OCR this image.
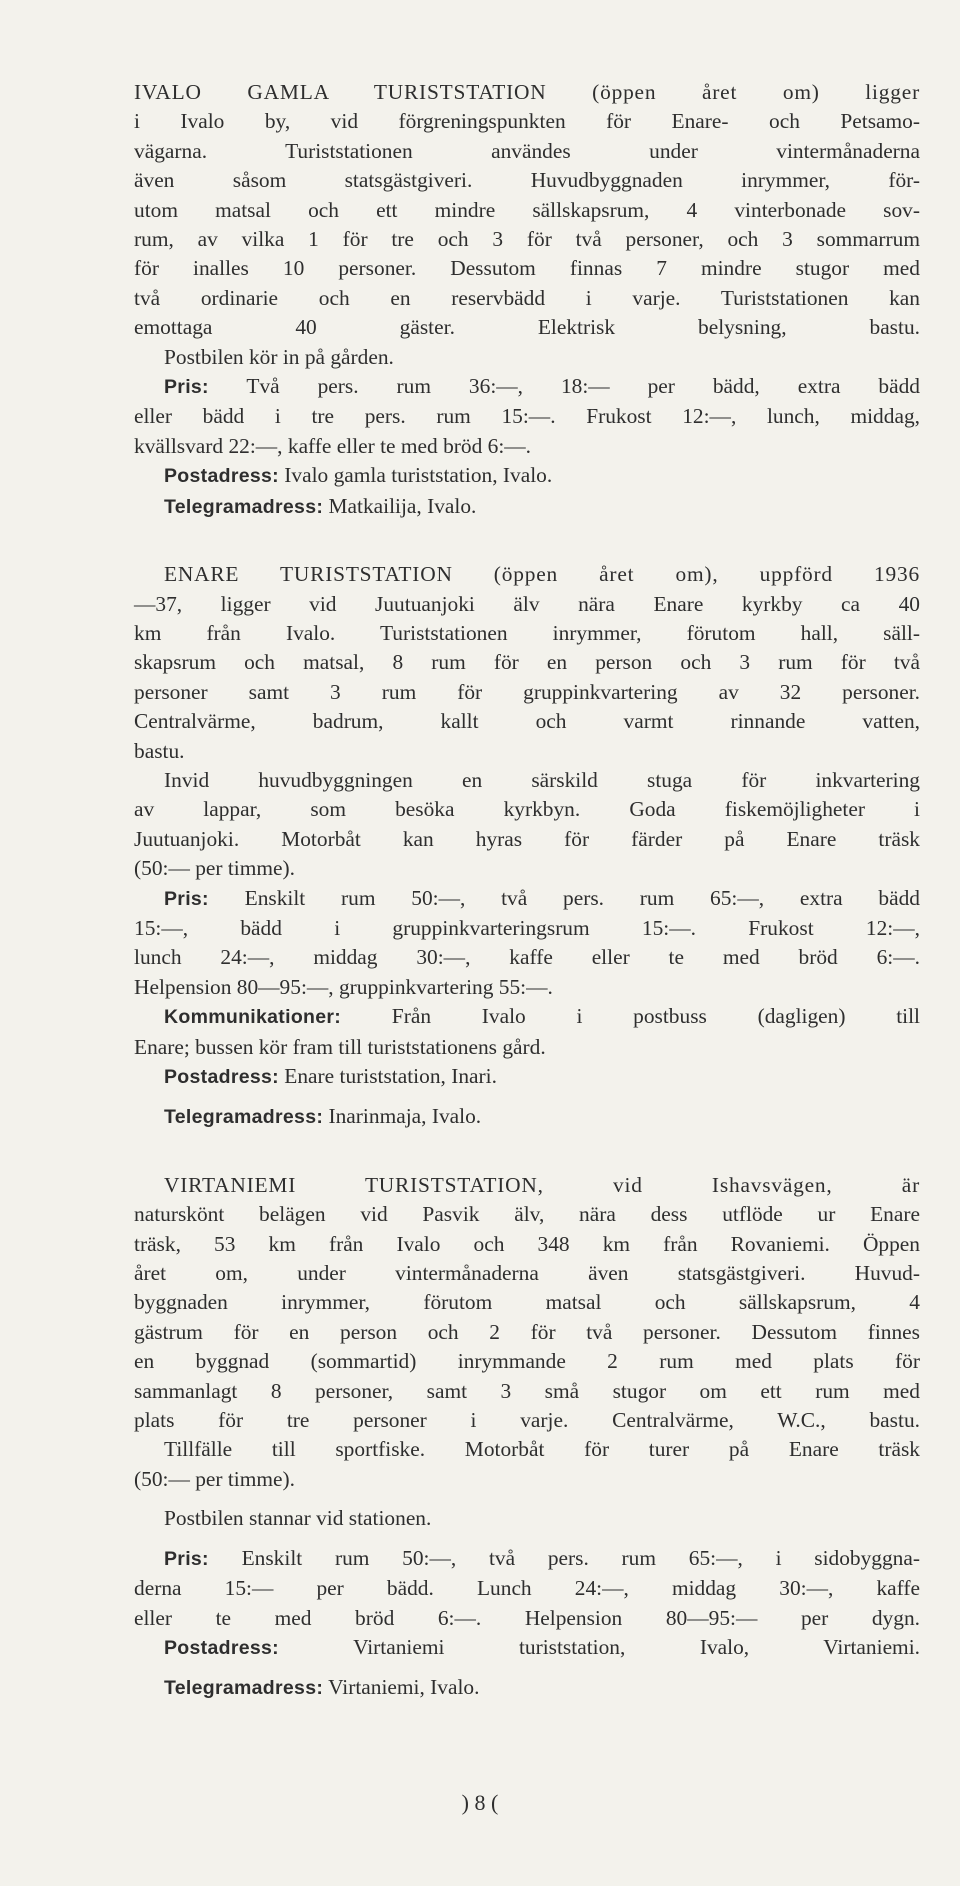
IVALO GAMLA TURISTSTATION (öppen året om) ligger

i Ivalo by, vid förgreningspunkten för Enare- och Petsamo-

vägarna. Turiststationen användes under vintermånaderna

även såsom statsgästgiveri. Huvudbyggnaden inrymmer, för-

utom matsal och ett mindre sällskapsrum, 4 vinterbonade sov-

rum, av vilka 1 för tre och 3 för två personer, och 3 sommarrum

för inalles 10 personer. Dessutom finnas 7 mindre stugor med

två ordinarie och en reservbädd i varje. Turiststationen kan

emottaga 40 gäster. Elektrisk belysning, bastu.

Postbilen kör in på gården.

Pris: Två pers. rum 36:—, 18:— per bädd, extra bädd

eller bädd i tre pers. rum 15:—. Frukost 12:—, lunch, middag,

kvällsvard 22:—, kaffe eller te med bröd 6:—.

Postadress: Ivalo gamla turiststation, Ivalo.

Telegramadress: Matkailija, Ivalo.

ENARE TURISTSTATION (öppen året om), uppförd 1936

—37, ligger vid Juutuanjoki älv nära Enare kyrkby ca 40

km från Ivalo. Turiststationen inrymmer, förutom hall, säll-

skapsrum och matsal, 8 rum för en person och 3 rum för två

personer samt 3 rum för gruppinkvartering av 32 personer.

Centralvärme, badrum, kallt och varmt rinnande vatten,

bastu.

Invid huvudbyggningen en särskild stuga för inkvartering

av lappar, som besöka kyrkbyn. Goda fiskemöjligheter i

Juutuanjoki. Motorbåt kan hyras för färder på Enare träsk

(50:— per timme).

Pris: Enskilt rum 50:—, två pers. rum 65:—, extra bädd

15:—, bädd i gruppinkvarteringsrum 15:—. Frukost 12:—,

lunch 24:—, middag 30:—, kaffe eller te med bröd 6:—.

Helpension 80—95:—, gruppinkvartering 55:—.

Kommunikationer: Från Ivalo i postbuss (dagligen) till

Enare; bussen kör fram till turiststationens gård.

Postadress: Enare turiststation, Inari.

Telegramadress: Inarinmaja, Ivalo.

VIRTANIEMI TURISTSTATION, vid Ishavsvägen, är

naturskönt belägen vid Pasvik älv, nära dess utflöde ur Enare

träsk, 53 km från Ivalo och 348 km från Rovaniemi. Öppen

året om, under vintermånaderna även statsgästgiveri. Huvud-

byggnaden inrymmer, förutom matsal och sällskapsrum, 4

gästrum för en person och 2 för två personer. Dessutom finnes

en byggnad (sommartid) inrymmande 2 rum med plats för

sammanlagt 8 personer, samt 3 små stugor om ett rum med

plats för tre personer i varje. Centralvärme, W.C., bastu.

Tillfälle till sportfiske. Motorbåt för turer på Enare träsk

(50:— per timme).

Postbilen stannar vid stationen.

Pris: Enskilt rum 50:—, två pers. rum 65:—, i sidobyggna-

derna 15:— per bädd. Lunch 24:—, middag 30:—, kaffe

eller te med bröd 6:—. Helpension 80—95:— per dygn.

Postadress: Virtaniemi turiststation, Ivalo, Virtaniemi.

Telegramadress: Virtaniemi, Ivalo.

) 8 (
